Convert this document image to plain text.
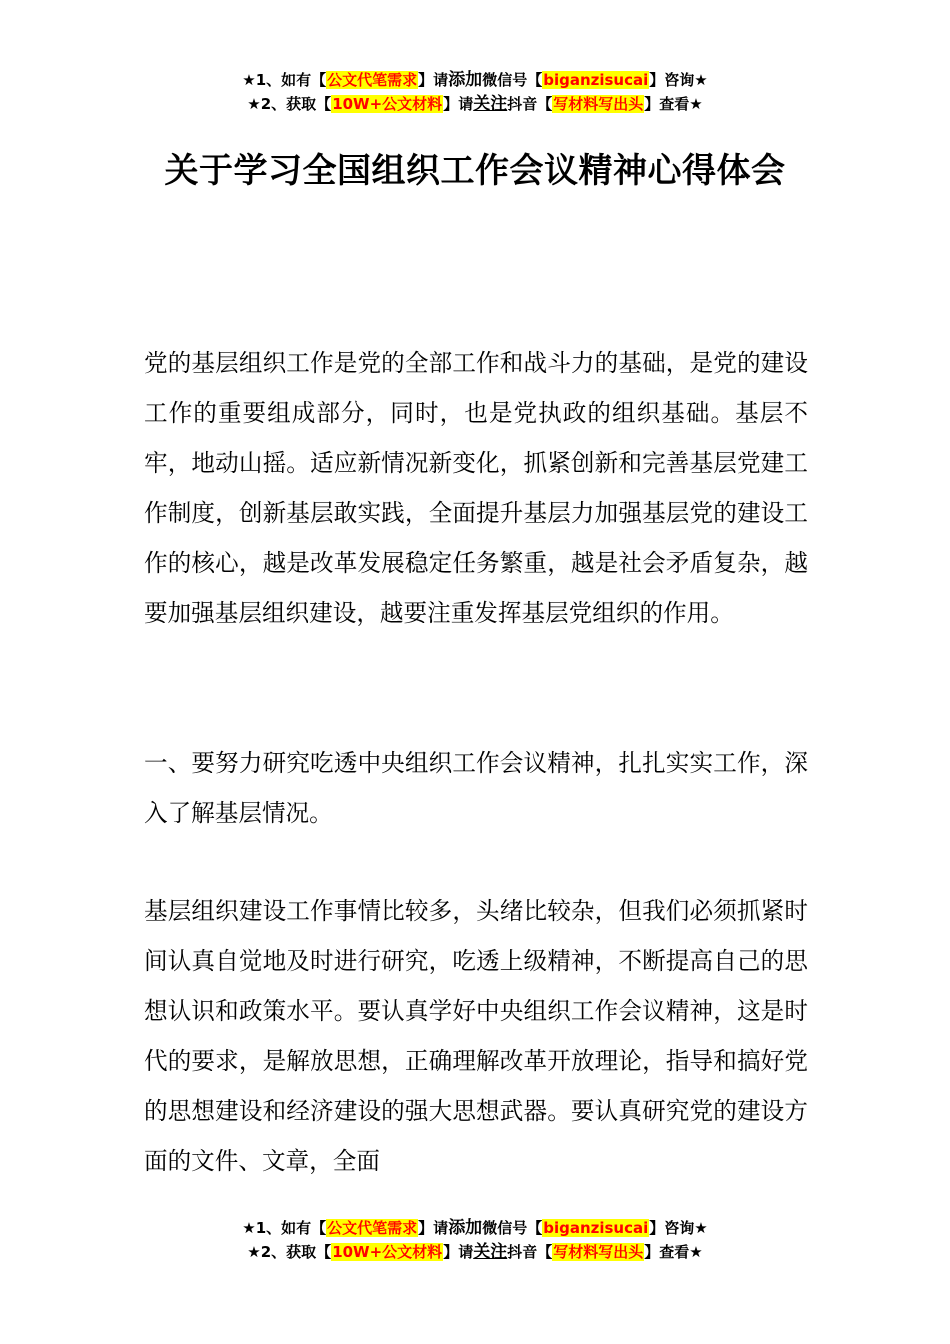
★1、如有【公文代笔需求】请添加微信号【biganzisucai】咨询★
★2、获取【10W+公文材料】请关注抖音【写材料写出头】查看★
关于学习全国组织工作会议精神心得体会

党的基层组织工作是党的全部工作和战斗力的基础，是党的建设工作的重要组成部分，同时，也是党执政的组织基础。基层不牢，地动山摇。适应新情况新变化，抓紧创新和完善基层党建工作制度，创新基层敢实践，全面提升基层力加强基层党的建设工作的核心，越是改革发展稳定任务繁重，越是社会矛盾复杂，越要加强基层组织建设，越要注重发挥基层党组织的作用。

一、要努力研究吃透中央组织工作会议精神，扎扎实实工作，深入了解基层情况。

基层组织建设工作事情比较多，头绪比较杂，但我们必须抓紧时间认真自觉地及时进行研究，吃透上级精神，不断提高自己的思想认识和政策水平。要认真学好中央组织工作会议精神，这是时代的要求，是解放思想，正确理解改革开放理论，指导和搞好党的思想建设和经济建设的强大思想武器。要认真研究党的建设方面的文件、文章，全面

★1、如有【公文代笔需求】请添加微信号【biganzisucai】咨询★
★2、获取【10W+公文材料】请关注抖音【写材料写出头】查看★
